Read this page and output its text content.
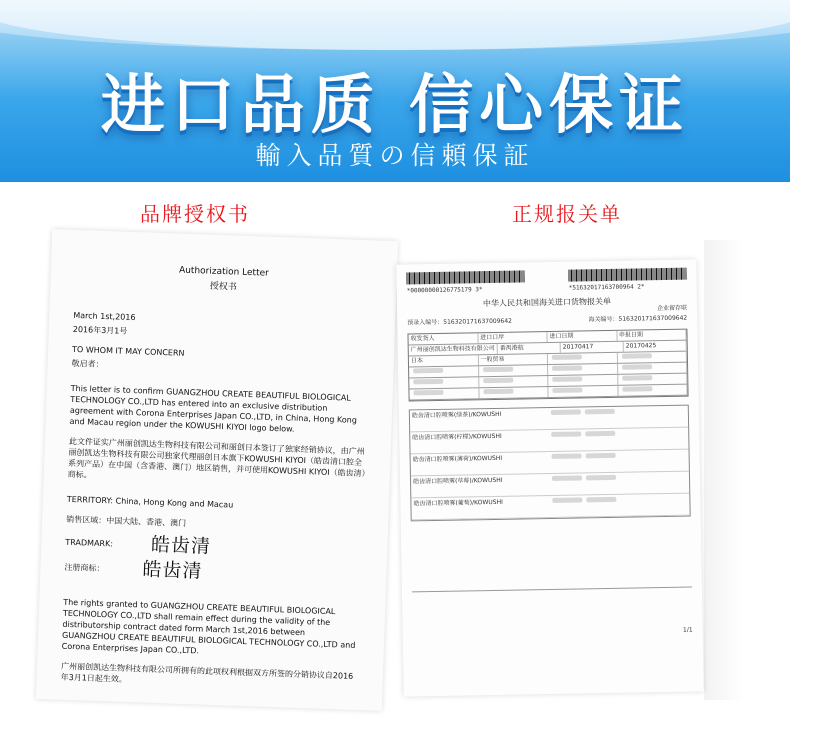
进口品质 信心保证
輸入品質の信頼保証
品牌授权书	正规报关单
Authorization Letter
授权书

March 1st,2016

2016年3月1号

TO WHOM IT MAY CONCERN

敬启者：

This letter is to confirm GUANGZHOU CREATE BEAUTIFUL BIOLOGICAL TECHNOLOGY CO.,LTD has entered into an exclusive distribution agreement with Corona Enterprises Japan CO.,LTD, in China, Hong Kong and Macau region under the KOWUSHI KIYOI logo below.

此文件证实广州丽创凯达生物科技有限公司和丽创日本签订了独家经销协议，由广州丽创凯达生物科技有限公司独家代理丽创日本旗下KOWUSHI KIYOI（皓齿清口腔全系列产品）在中国（含香港、澳门）地区销售，并可使用KOWUSHI KIYOI（皓齿清）商标。

TERRITORY: China, Hong Kong and Macau

销售区域：中国大陆、香港、澳门

TRADMARK: 皓齿清
注册商标： 皓齿清

The rights granted to GUANGZHOU CREATE BEAUTIFUL BIOLOGICAL TECHNOLOGY CO.,LTD shall remain effect during the validity of the distributorship contract dated form March 1st,2016 between GUANGZHOU CREATE BEAUTIFUL BIOLOGICAL TECHNOLOGY CO.,LTD and Corona Enterprises Japan CO.,LTD.

广州丽创凯达生物科技有限公司所拥有的此项权利根据双方所签的分销协议自2016年3月1日起生效。

*00000000126775179 3*	*51632017163700964 2*
中华人民共和国海关进口货物报关单
企业留存联
预录入编号：516320171637009642	海关编号：516320171637009642
收发货人	进口口岸	进口日期	申报日期
广州丽创凯达生物科技有限公司 番禺港航	20170417	20170425
日本	一般贸易
皓齿清口腔喷雾(绿茶)/KOWUSHI
皓齿清口腔喷雾(柠檬)/KOWUSHI
皓齿清口腔喷雾(薄荷)/KOWUSHI
皓齿清口腔喷雾(草莓)/KOWUSHI
皓齿清口腔喷雾(葡萄)/KOWUSHI
1/1
